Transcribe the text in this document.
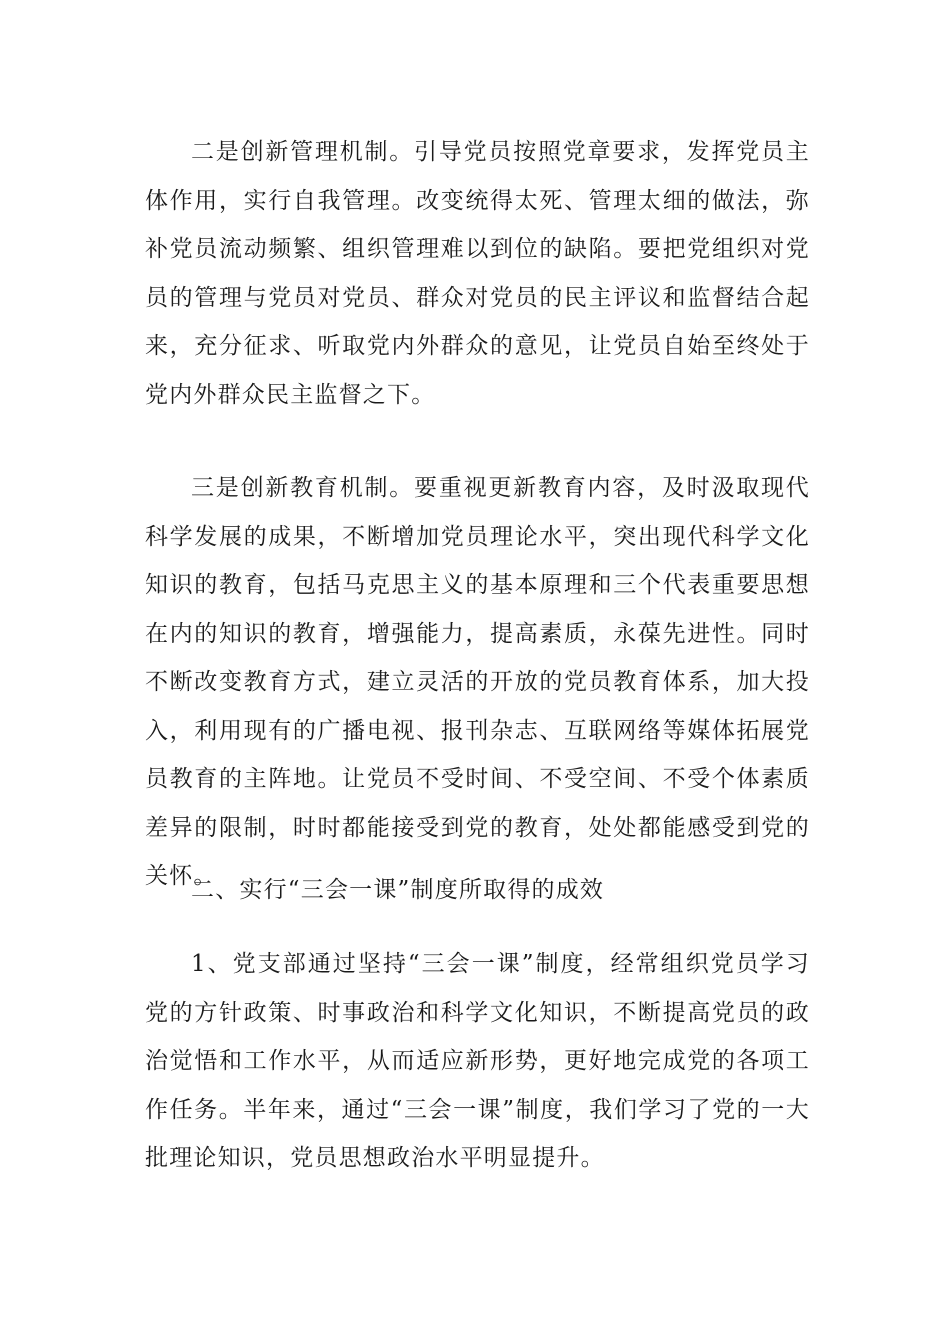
二是创新管理机制。引导党员按照党章要求，发挥党员主体作用，实行自我管理。改变统得太死、管理太细的做法，弥补党员流动频繁、组织管理难以到位的缺陷。要把党组织对党员的管理与党员对党员、群众对党员的民主评议和监督结合起来，充分征求、听取党内外群众的意见，让党员自始至终处于党内外群众民主监督之下。

三是创新教育机制。要重视更新教育内容，及时汲取现代科学发展的成果，不断增加党员理论水平，突出现代科学文化知识的教育，包括马克思主义的基本原理和三个代表重要思想在内的知识的教育，增强能力，提高素质，永葆先进性。同时不断改变教育方式，建立灵活的开放的党员教育体系，加大投入，利用现有的广播电视、报刊杂志、互联网络等媒体拓展党员教育的主阵地。让党员不受时间、不受空间、不受个体素质差异的限制，时时都能接受到党的教育，处处都能感受到党的关怀。

二、实行“三会一课”制度所取得的成效

1、党支部通过坚持“三会一课”制度，经常组织党员学习党的方针政策、时事政治和科学文化知识，不断提高党员的政治觉悟和工作水平，从而适应新形势，更好地完成党的各项工作任务。半年来，通过“三会一课”制度，我们学习了党的一大批理论知识，党员思想政治水平明显提升。
